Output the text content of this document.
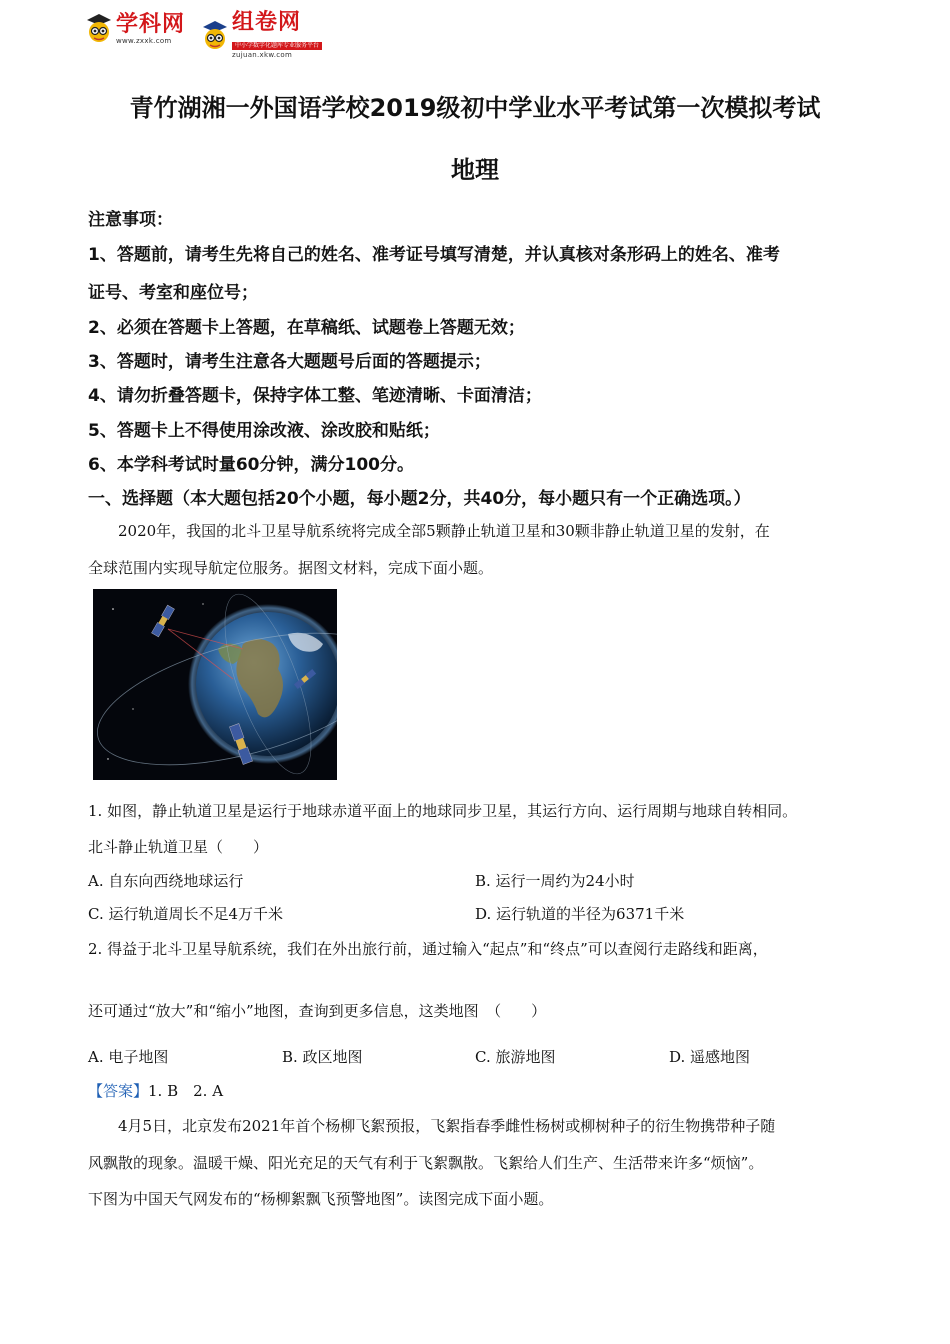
学科网
www.zxxk.com
组卷网
中小学数字化题库专业服务平台
zujuan.xkw.com
青竹湖湘一外国语学校2019级初中学业水平考试第一次模拟考试
地理
注意事项：
1、答题前，请考生先将自己的姓名、准考证号填写清楚，并认真核对条形码上的姓名、准考
证号、考室和座位号；
2、必须在答题卡上答题，在草稿纸、试题卷上答题无效；
3、答题时，请考生注意各大题题号后面的答题提示；
4、请勿折叠答题卡，保持字体工整、笔迹清晰、卡面清洁；
5、答题卡上不得使用涂改液、涂改胶和贴纸；
6、本学科考试时量60分钟，满分100分。
一、选择题（本大题包括20个小题，每小题2分，共40分，每小题只有一个正确选项。）
2020年，我国的北斗卫星导航系统将完成全部5颗静止轨道卫星和30颗非静止轨道卫星的发射，在
全球范围内实现导航定位服务。据图文材料，完成下面小题。
1. 如图，静止轨道卫星是运行于地球赤道平面上的地球同步卫星，其运行方向、运行周期与地球自转相同。
北斗静止轨道卫星（　　）
A. 自东向西绕地球运行	B. 运行一周约为24小时
C. 运行轨道周长不足4万千米	D. 运行轨道的半径为6371千米
2. 得益于北斗卫星导航系统，我们在外出旅行前，通过输入“起点”和“终点”可以查阅行走路线和距离，
还可通过“放大”和“缩小”地图，查询到更多信息，这类地图　（　　）
A. 电子地图	B. 政区地图	C. 旅游地图	D. 遥感地图
【答案】1. B　2. A
4月5日，北京发布2021年首个杨柳飞絮预报，飞絮指春季雌性杨树或柳树种子的衍生物携带种子随
风飘散的现象。温暖干燥、阳光充足的天气有利于飞絮飘散。飞絮给人们生产、生活带来许多“烦恼”。
下图为中国天气网发布的“杨柳絮飘飞预警地图”。读图完成下面小题。
